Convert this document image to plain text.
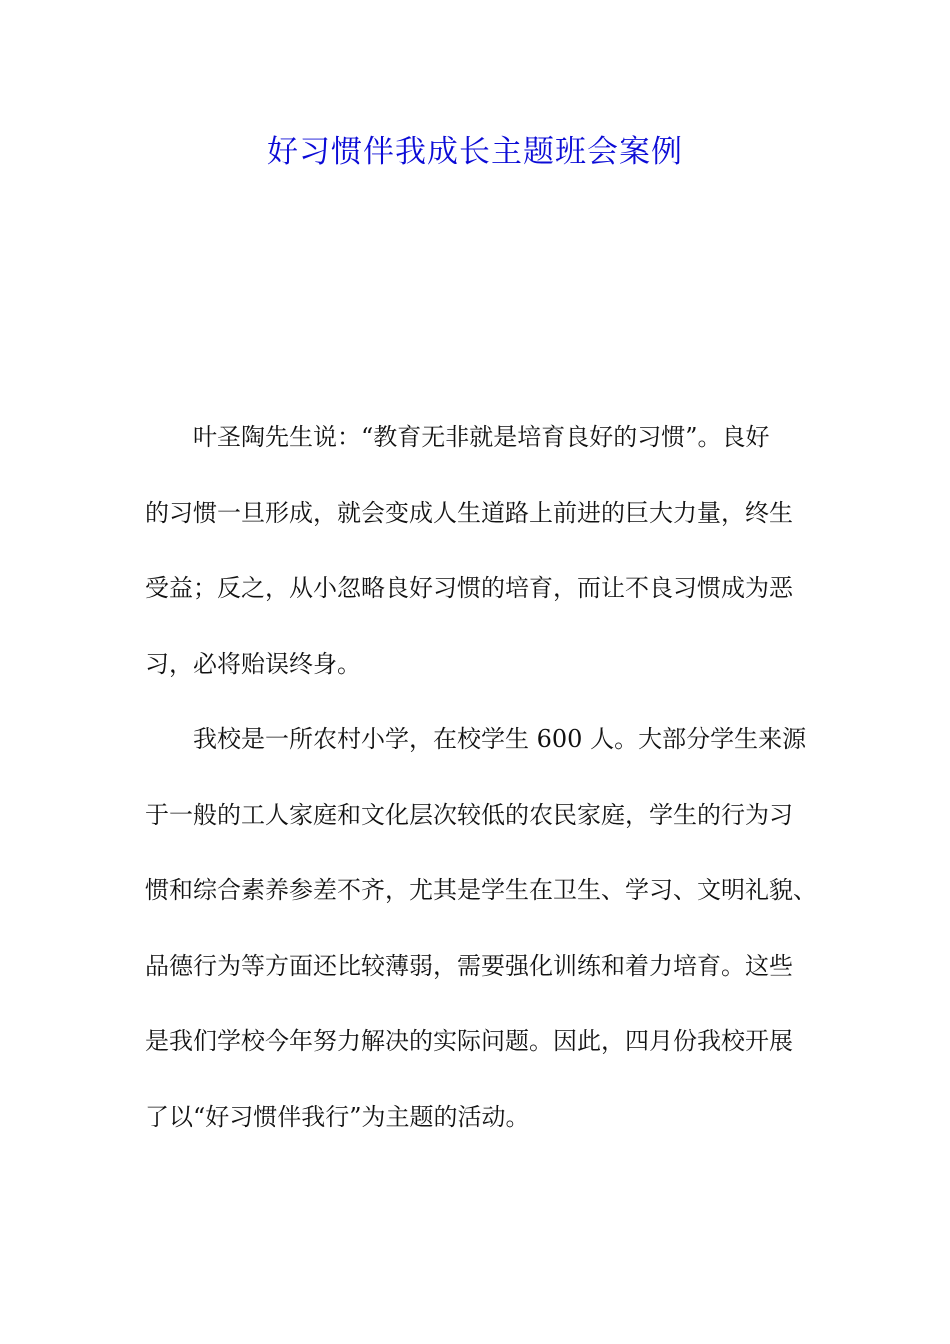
好习惯伴我成长主题班会案例

叶圣陶先生说：“教育无非就是培育良好的习惯”。良好

的习惯一旦形成，就会变成人生道路上前进的巨大力量，终生

受益；反之，从小忽略良好习惯的培育，而让不良习惯成为恶

习，必将贻误终身。

我校是一所农村小学，在校学生 600 人。大部分学生来源

于一般的工人家庭和文化层次较低的农民家庭，学生的行为习

惯和综合素养参差不齐，尤其是学生在卫生、学习、文明礼貌、

品德行为等方面还比较薄弱，需要强化训练和着力培育。这些

是我们学校今年努力解决的实际问题。因此，四月份我校开展

了以“好习惯伴我行”为主题的活动。
